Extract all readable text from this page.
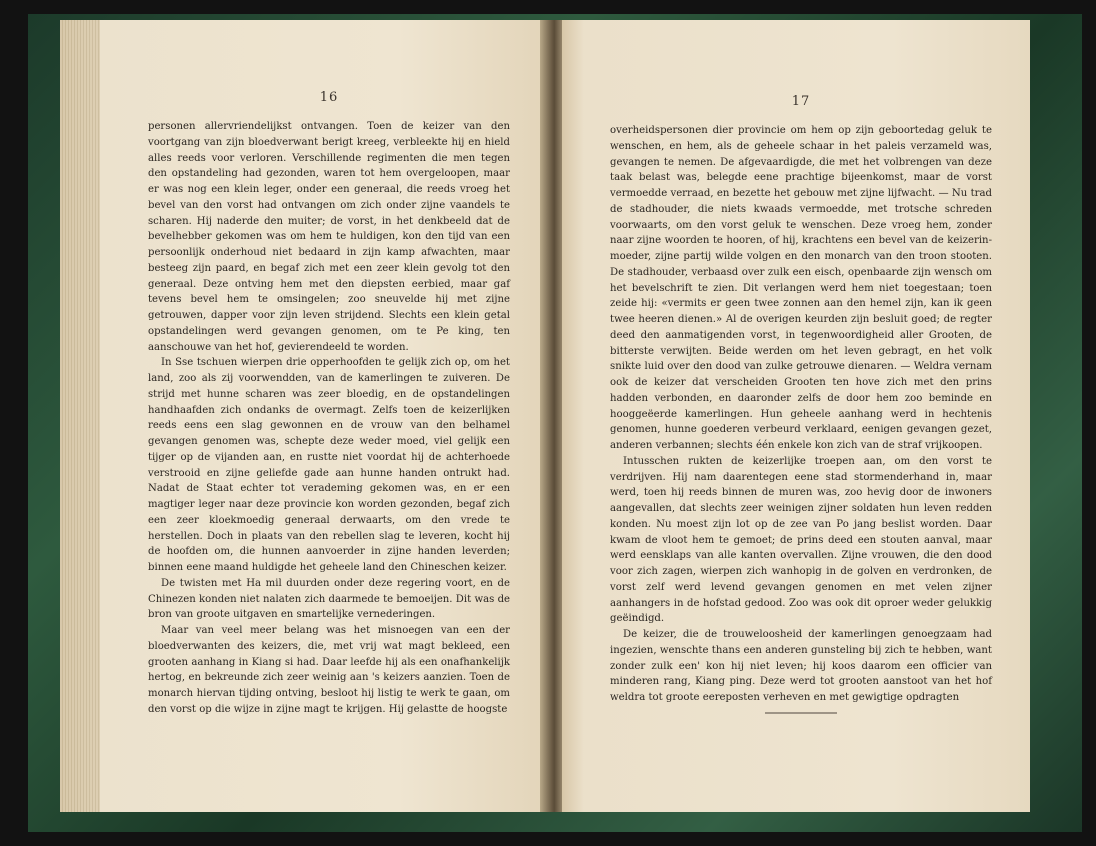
16

personen allervriendelijkst ontvangen. Toen de keizer van den voortgang van zijn bloedverwant berigt kreeg, verbleekte hij en hield alles reeds voor verloren. Verschillende regimenten die men tegen den opstandeling had gezonden, waren tot hem overgeloopen, maar er was nog een klein leger, onder een generaal, die reeds vroeg het bevel van den vorst had ontvangen om zich onder zijne vaandels te scharen. Hij naderde den muiter; de vorst, in het denkbeeld dat de bevelhebber gekomen was om hem te huldigen, kon den tijd van een persoonlijk onderhoud niet bedaard in zijn kamp afwachten, maar besteeg zijn paard, en begaf zich met een zeer klein gevolg tot den generaal. Deze ontving hem met den diepsten eerbied, maar gaf tevens bevel hem te omsingelen; zoo sneuvelde hij met zijne getrouwen, dapper voor zijn leven strijdend. Slechts een klein getal opstandelingen werd gevangen genomen, om te Pe king, ten aanschouwe van het hof, gevierendeeld te worden.

In Sse tschuen wierpen drie opperhoofden te gelijk zich op, om het land, zoo als zij voorwendden, van de kamerlingen te zuiveren. De strijd met hunne scharen was zeer bloedig, en de opstandelingen handhaafden zich ondanks de overmagt. Zelfs toen de keizerlijken reeds eens een slag gewonnen en de vrouw van den belhamel gevangen genomen was, schepte deze weder moed, viel gelijk een tijger op de vijanden aan, en rustte niet voordat hij de achterhoede verstrooid en zijne geliefde gade aan hunne handen ontrukt had. Nadat de Staat echter tot verademing gekomen was, en er een magtiger leger naar deze provincie kon worden gezonden, begaf zich een zeer kloekmoedig generaal derwaarts, om den vrede te herstellen. Doch in plaats van den rebellen slag te leveren, kocht hij de hoofden om, die hunnen aanvoerder in zijne handen leverden; binnen eene maand huldigde het geheele land den Chineschen keizer.

De twisten met Ha mil duurden onder deze regering voort, en de Chinezen konden niet nalaten zich daarmede te bemoeijen. Dit was de bron van groote uitgaven en smartelijke vernederingen.

Maar van veel meer belang was het misnoegen van een der bloedverwanten des keizers, die, met vrij wat magt bekleed, een grooten aanhang in Kiang si had. Daar leefde hij als een onafhankelijk hertog, en bekreunde zich zeer weinig aan 's keizers aanzien. Toen de monarch hiervan tijding ontving, besloot hij listig te werk te gaan, om den vorst op die wijze in zijne magt te krijgen. Hij gelastte de hoogste

17

overheidspersonen dier provincie om hem op zijn geboortedag geluk te wenschen, en hem, als de geheele schaar in het paleis verzameld was, gevangen te nemen. De afgevaardigde, die met het volbrengen van deze taak belast was, belegde eene prachtige bijeenkomst, maar de vorst vermoedde verraad, en bezette het gebouw met zijne lijfwacht. — Nu trad de stadhouder, die niets kwaads vermoedde, met trotsche schreden voorwaarts, om den vorst geluk te wenschen. Deze vroeg hem, zonder naar zijne woorden te hooren, of hij, krachtens een bevel van de keizerin-moeder, zijne partij wilde volgen en den monarch van den troon stooten. De stadhouder, verbaasd over zulk een eisch, openbaarde zijn wensch om het bevelschrift te zien. Dit verlangen werd hem niet toegestaan; toen zeide hij: «vermits er geen twee zonnen aan den hemel zijn, kan ik geen twee heeren dienen.» Al de overigen keurden zijn besluit goed; de regter deed den aanmatigenden vorst, in tegenwoordigheid aller Grooten, de bitterste verwijten. Beide werden om het leven gebragt, en het volk snikte luid over den dood van zulke getrouwe dienaren. — Weldra vernam ook de keizer dat verscheiden Grooten ten hove zich met den prins hadden verbonden, en daaronder zelfs de door hem zoo beminde en hooggeëerde kamerlingen. Hun geheele aanhang werd in hechtenis genomen, hunne goederen verbeurd verklaard, eenigen gevangen gezet, anderen verbannen; slechts één enkele kon zich van de straf vrijkoopen.

Intusschen rukten de keizerlijke troepen aan, om den vorst te verdrijven. Hij nam daarentegen eene stad stormenderhand in, maar werd, toen hij reeds binnen de muren was, zoo hevig door de inwoners aangevallen, dat slechts zeer weinigen zijner soldaten hun leven redden konden. Nu moest zijn lot op de zee van Po jang beslist worden. Daar kwam de vloot hem te gemoet; de prins deed een stouten aanval, maar werd eensklaps van alle kanten overvallen. Zijne vrouwen, die den dood voor zich zagen, wierpen zich wanhopig in de golven en verdronken, de vorst zelf werd levend gevangen genomen en met velen zijner aanhangers in de hofstad gedood. Zoo was ook dit oproer weder gelukkig geëindigd.

De keizer, die de trouweloosheid der kamerlingen genoegzaam had ingezien, wenschte thans een anderen gunsteling bij zich te hebben, want zonder zulk een' kon hij niet leven; hij koos daarom een officier van minderen rang, Kiang ping. Deze werd tot grooten aanstoot van het hof weldra tot groote eereposten verheven en met gewigtige opdragten
